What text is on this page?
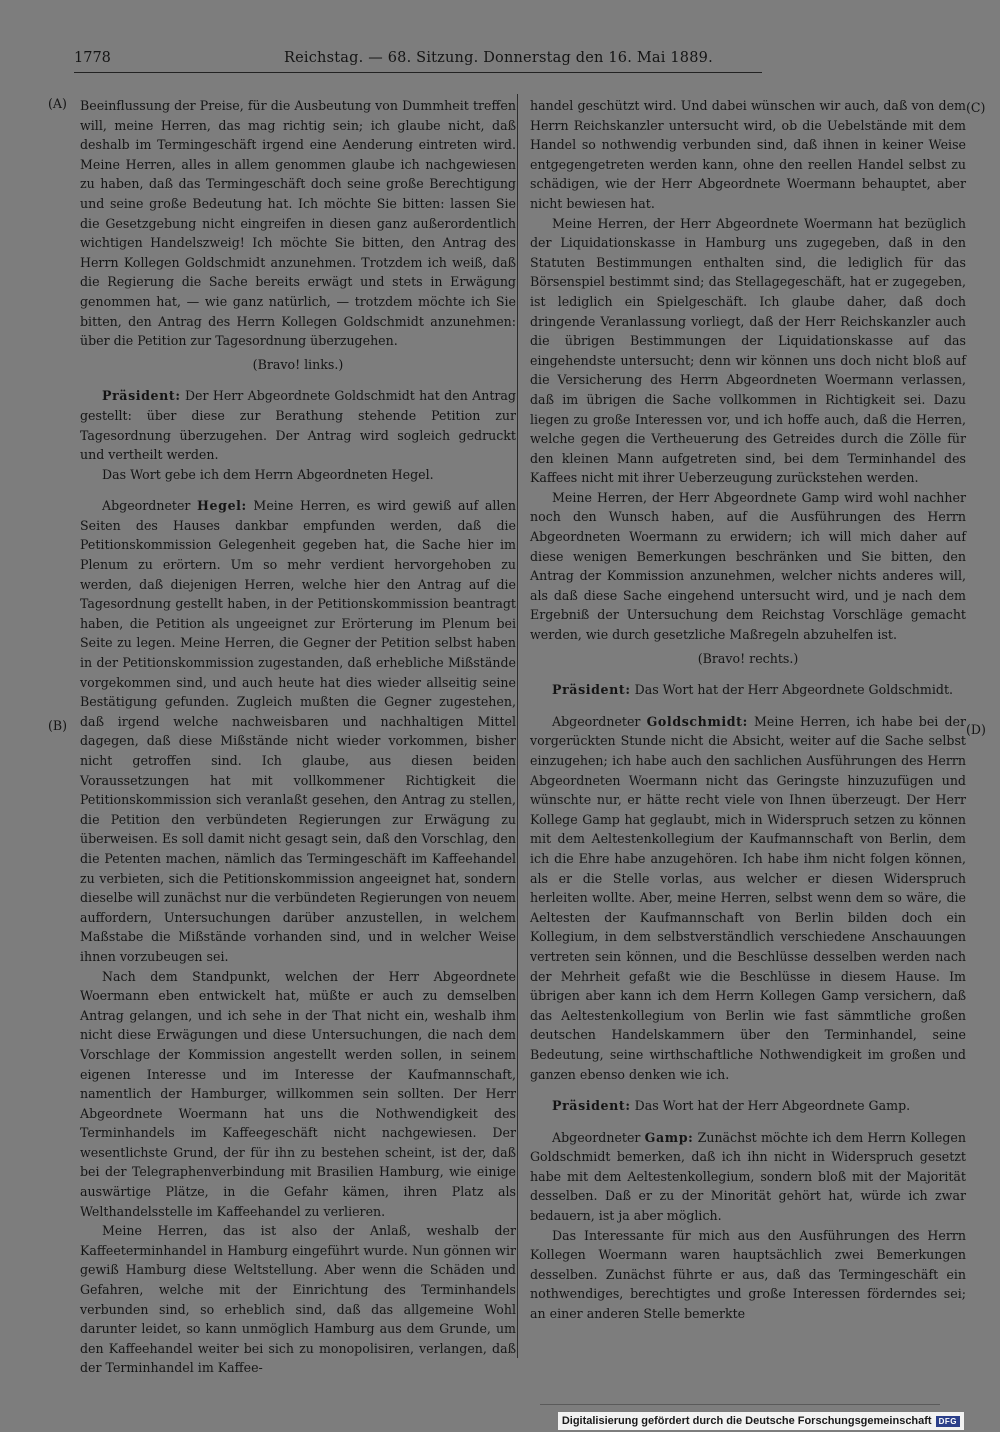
1778	Reichstag. — 68. Sitzung. Donnerstag den 16. Mai 1889.
(A)
(B)
(C)
(D)

Beeinflussung der Preise, für die Ausbeutung von Dummheit treffen will, meine Herren, das mag richtig sein; ich glaube nicht, daß deshalb im Termingeschäft irgend eine Aenderung eintreten wird. Meine Herren, alles in allem genommen glaube ich nachgewiesen zu haben, daß das Termingeschäft doch seine große Berechtigung und seine große Bedeutung hat. Ich möchte Sie bitten: lassen Sie die Gesetzgebung nicht eingreifen in diesen ganz außerordentlich wichtigen Handelszweig! Ich möchte Sie bitten, den Antrag des Herrn Kollegen Goldschmidt anzunehmen. Trotzdem ich weiß, daß die Regierung die Sache bereits erwägt und stets in Erwägung genommen hat, — wie ganz natürlich, — trotzdem möchte ich Sie bitten, den Antrag des Herrn Kollegen Goldschmidt anzunehmen: über die Petition zur Tagesordnung überzugehen.

(Bravo! links.)

Präsident: Der Herr Abgeordnete Goldschmidt hat den Antrag gestellt: über diese zur Berathung stehende Petition zur Tagesordnung überzugehen. Der Antrag wird sogleich gedruckt und vertheilt werden.

Das Wort gebe ich dem Herrn Abgeordneten Hegel.

Abgeordneter Hegel: Meine Herren, es wird gewiß auf allen Seiten des Hauses dankbar empfunden werden, daß die Petitionskommission Gelegenheit gegeben hat, die Sache hier im Plenum zu erörtern. Um so mehr verdient hervorgehoben zu werden, daß diejenigen Herren, welche hier den Antrag auf die Tagesordnung gestellt haben, in der Petitionskommission beantragt haben, die Petition als ungeeignet zur Erörterung im Plenum bei Seite zu legen. Meine Herren, die Gegner der Petition selbst haben in der Petitionskommission zugestanden, daß erhebliche Mißstände vorgekommen sind, und auch heute hat dies wieder allseitig seine Bestätigung gefunden. Zugleich mußten die Gegner zugestehen, daß irgend welche nachweisbaren und nachhaltigen Mittel dagegen, daß diese Mißstände nicht wieder vorkommen, bisher nicht getroffen sind. Ich glaube, aus diesen beiden Voraussetzungen hat mit vollkommener Richtigkeit die Petitionskommission sich veranlaßt gesehen, den Antrag zu stellen, die Petition den verbündeten Regierungen zur Erwägung zu überweisen. Es soll damit nicht gesagt sein, daß den Vorschlag, den die Petenten machen, nämlich das Termingeschäft im Kaffeehandel zu verbieten, sich die Petitionskommission angeeignet hat, sondern dieselbe will zunächst nur die verbündeten Regierungen von neuem auffordern, Untersuchungen darüber anzustellen, in welchem Maßstabe die Mißstände vorhanden sind, und in welcher Weise ihnen vorzubeugen sei.

Nach dem Standpunkt, welchen der Herr Abgeordnete Woermann eben entwickelt hat, müßte er auch zu demselben Antrag gelangen, und ich sehe in der That nicht ein, weshalb ihm nicht diese Erwägungen und diese Untersuchungen, die nach dem Vorschlage der Kommission angestellt werden sollen, in seinem eigenen Interesse und im Interesse der Kaufmannschaft, namentlich der Hamburger, willkommen sein sollten. Der Herr Abgeordnete Woermann hat uns die Nothwendigkeit des Terminhandels im Kaffeegeschäft nicht nachgewiesen. Der wesentlichste Grund, der für ihn zu bestehen scheint, ist der, daß bei der Telegraphenverbindung mit Brasilien Hamburg, wie einige auswärtige Plätze, in die Gefahr kämen, ihren Platz als Welthandelsstelle im Kaffeehandel zu verlieren.

Meine Herren, das ist also der Anlaß, weshalb der Kaffeeterminhandel in Hamburg eingeführt wurde. Nun gönnen wir gewiß Hamburg diese Weltstellung. Aber wenn die Schäden und Gefahren, welche mit der Einrichtung des Terminhandels verbunden sind, so erheblich sind, daß das allgemeine Wohl darunter leidet, so kann unmöglich Hamburg aus dem Grunde, um den Kaffeehandel weiter bei sich zu monopolisiren, verlangen, daß der Terminhandel im Kaffee-

handel geschützt wird. Und dabei wünschen wir auch, daß von dem Herrn Reichskanzler untersucht wird, ob die Uebelstände mit dem Handel so nothwendig verbunden sind, daß ihnen in keiner Weise entgegengetreten werden kann, ohne den reellen Handel selbst zu schädigen, wie der Herr Abgeordnete Woermann behauptet, aber nicht bewiesen hat.

Meine Herren, der Herr Abgeordnete Woermann hat bezüglich der Liquidationskasse in Hamburg uns zugegeben, daß in den Statuten Bestimmungen enthalten sind, die lediglich für das Börsenspiel bestimmt sind; das Stellagegeschäft, hat er zugegeben, ist lediglich ein Spielgeschäft. Ich glaube daher, daß doch dringende Veranlassung vorliegt, daß der Herr Reichskanzler auch die übrigen Bestimmungen der Liquidationskasse auf das eingehendste untersucht; denn wir können uns doch nicht bloß auf die Versicherung des Herrn Abgeordneten Woermann verlassen, daß im übrigen die Sache vollkommen in Richtigkeit sei. Dazu liegen zu große Interessen vor, und ich hoffe auch, daß die Herren, welche gegen die Vertheuerung des Getreides durch die Zölle für den kleinen Mann aufgetreten sind, bei dem Terminhandel des Kaffees nicht mit ihrer Ueberzeugung zurückstehen werden.

Meine Herren, der Herr Abgeordnete Gamp wird wohl nachher noch den Wunsch haben, auf die Ausführungen des Herrn Abgeordneten Woermann zu erwidern; ich will mich daher auf diese wenigen Bemerkungen beschränken und Sie bitten, den Antrag der Kommission anzunehmen, welcher nichts anderes will, als daß diese Sache eingehend untersucht wird, und je nach dem Ergebniß der Untersuchung dem Reichstag Vorschläge gemacht werden, wie durch gesetzliche Maßregeln abzuhelfen ist.

(Bravo! rechts.)

Präsident: Das Wort hat der Herr Abgeordnete Goldschmidt.

Abgeordneter Goldschmidt: Meine Herren, ich habe bei der vorgerückten Stunde nicht die Absicht, weiter auf die Sache selbst einzugehen; ich habe auch den sachlichen Ausführungen des Herrn Abgeordneten Woermann nicht das Geringste hinzuzufügen und wünschte nur, er hätte recht viele von Ihnen überzeugt. Der Herr Kollege Gamp hat geglaubt, mich in Widerspruch setzen zu können mit dem Aeltestenkollegium der Kaufmannschaft von Berlin, dem ich die Ehre habe anzugehören. Ich habe ihm nicht folgen können, als er die Stelle vorlas, aus welcher er diesen Widerspruch herleiten wollte. Aber, meine Herren, selbst wenn dem so wäre, die Aeltesten der Kaufmannschaft von Berlin bilden doch ein Kollegium, in dem selbstverständlich verschiedene Anschauungen vertreten sein können, und die Beschlüsse desselben werden nach der Mehrheit gefaßt wie die Beschlüsse in diesem Hause. Im übrigen aber kann ich dem Herrn Kollegen Gamp versichern, daß das Aeltestenkollegium von Berlin wie fast sämmtliche großen deutschen Handelskammern über den Terminhandel, seine Bedeutung, seine wirthschaftliche Nothwendigkeit im großen und ganzen ebenso denken wie ich.

Präsident: Das Wort hat der Herr Abgeordnete Gamp.

Abgeordneter Gamp: Zunächst möchte ich dem Herrn Kollegen Goldschmidt bemerken, daß ich ihn nicht in Widerspruch gesetzt habe mit dem Aeltestenkollegium, sondern bloß mit der Majorität desselben. Daß er zu der Minorität gehört hat, würde ich zwar bedauern, ist ja aber möglich.

Das Interessante für mich aus den Ausführungen des Herrn Kollegen Woermann waren hauptsächlich zwei Bemerkungen desselben. Zunächst führte er aus, daß das Termingeschäft ein nothwendiges, berechtigtes und große Interessen förderndes sei; an einer anderen Stelle bemerkte

Digitalisierung gefördert durch die Deutsche Forschungsgemeinschaft DFG
